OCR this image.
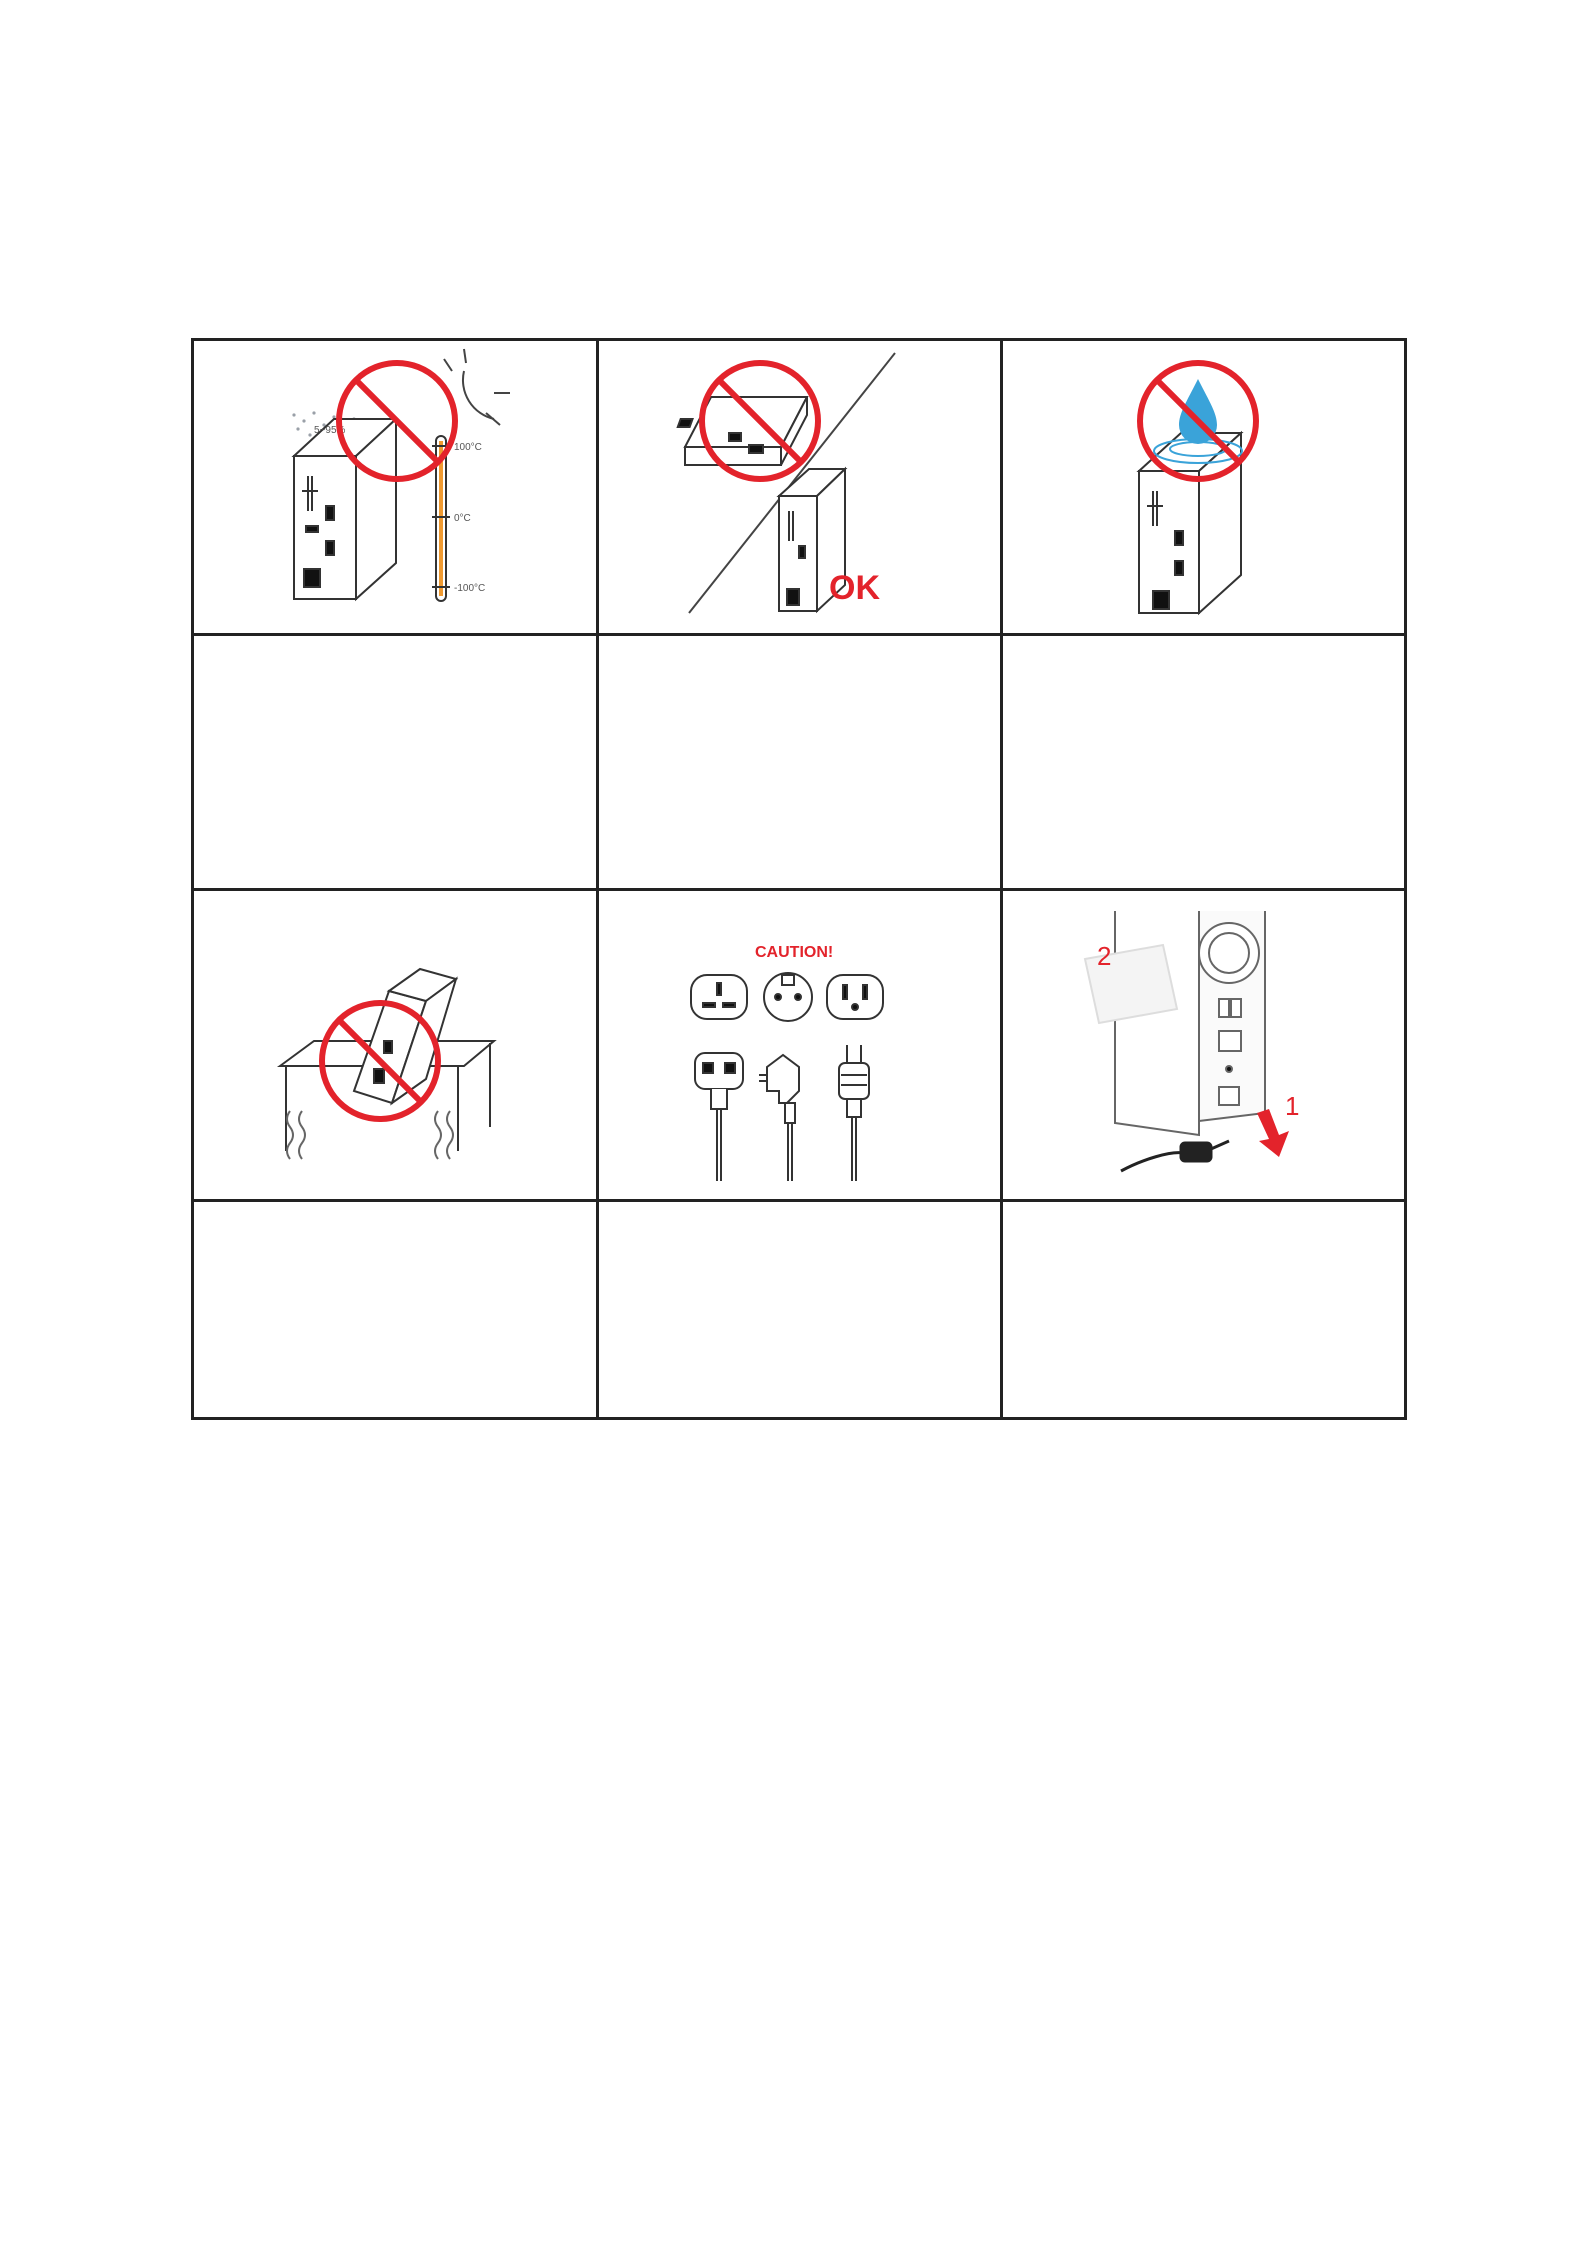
5~95%
100°C
0°C
-100°C	OK
CAUTION!	2
1
